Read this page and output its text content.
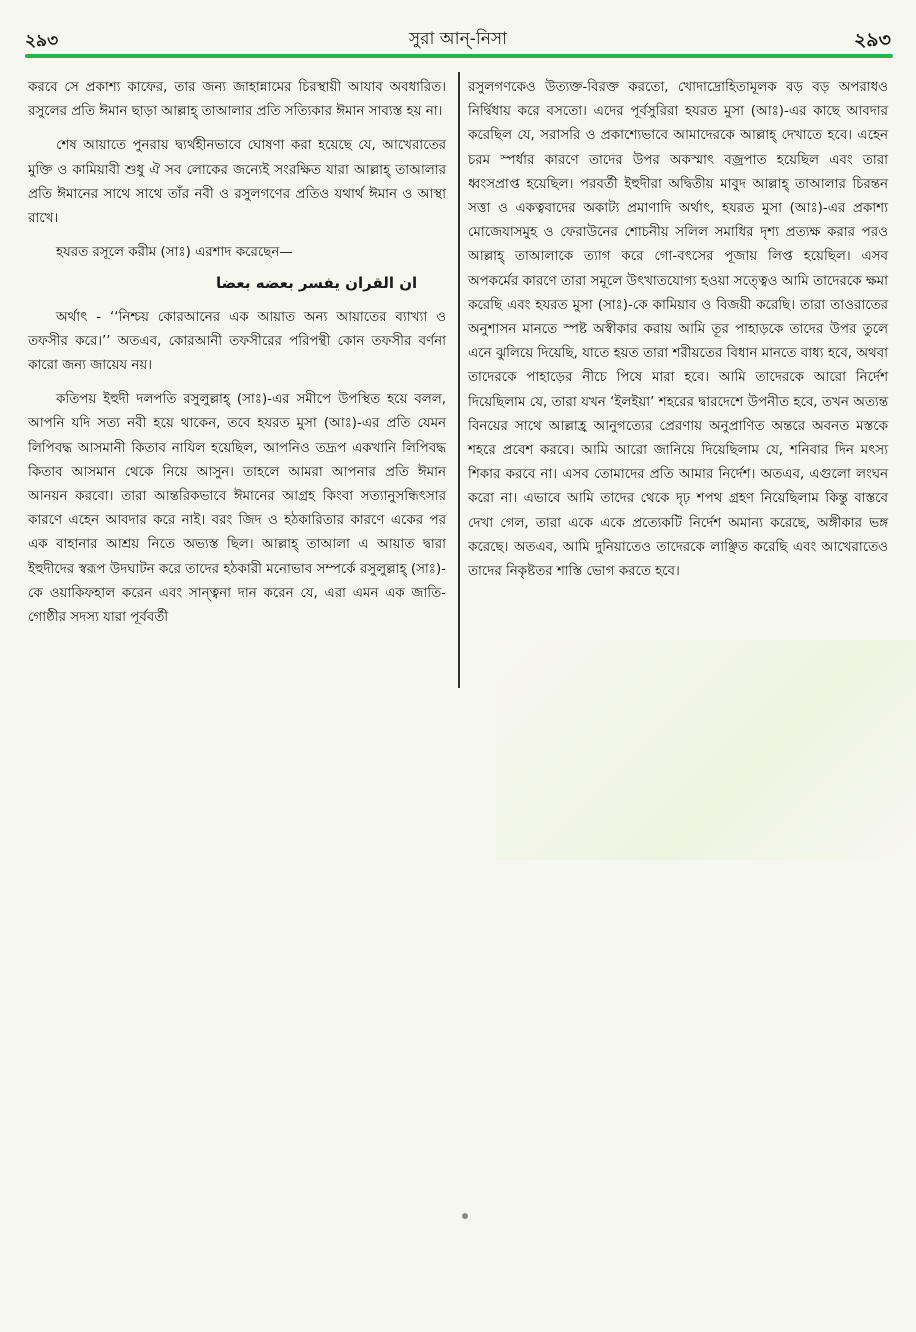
২৯৩	সুরা আন্-নিসা	২৯৩

করবে সে প্রকাশ্য কাফের, তার জন্য জাহান্নামের চিরস্থায়ী আযাব অবধারিত। রসুলের প্রতি ঈমান ছাড়া আল্লাহ্ তাআলার প্রতি সত্যিকার ঈমান সাব্যস্ত হয় না।

শেষ আয়াতে পুনরায় দ্ব্যর্থহীনভাবে ঘোষণা করা হয়েছে যে, আখেরাতের মুক্তি ও কামিয়াবী শুধু ঐ সব লোকের জন্যেই সংরক্ষিত যারা আল্লাহ্ তাআলার প্রতি ঈমানের সাথে সাথে তাঁর নবী ও রসুলগণের প্রতিও যথার্থ ঈমান ও আস্থা রাখে।

হযরত রসূলে করীম (সাঃ) এরশাদ করেছেন—

ان القران يفسر بعضه بعضا

অর্থাৎ - ‘‘নিশ্চয় কোরআনের এক আয়াত অন্য আয়াতের ব্যাখ্যা ও তফসীর করে।’’ অতএব, কোরআনী তফসীরের পরিপন্থী কোন তফসীর বর্ণনা কারো জন্য জায়েয নয়।

কতিপয় ইহুদী দলপতি রসুলুল্লাহ্ (সাঃ)-এর সমীপে উপস্থিত হয়ে বলল, আপনি যদি সত্য নবী হয়ে থাকেন, তবে হযরত মুসা (আঃ)-এর প্রতি যেমন লিপিবদ্ধ আসমানী কিতাব নাযিল হয়েছিল, আপনিও তদ্রূপ একখানি লিপিবদ্ধ কিতাব আসমান থেকে নিয়ে আসুন। তাহলে আমরা আপনার প্রতি ঈমান আনয়ন করবো। তারা আন্তরিকভাবে ঈমানের আগ্রহ কিংবা সত্যানুসন্ধিৎসার কারণে এহেন আবদার করে নাই। বরং জিদ ও হঠকারিতার কারণে একের পর এক বাহানার আশ্রয় নিতে অভ্যস্ত ছিল। আল্লাহ্ তাআলা এ আয়াত দ্বারা ইহুদীদের স্বরূপ উদঘাটন করে তাদের হঠকারী মনোভাব সম্পর্কে রসুলুল্লাহ্ (সাঃ)-কে ওয়াকিফহাল করেন এবং সান্ত্বনা দান করেন যে, এরা এমন এক জাতি-গোষ্ঠীর সদস্য যারা পূর্ববর্তী

রসুলগণকেও উত্যক্ত-বিরক্ত করতো, খোদাদ্রোহিতামূলক বড় বড় অপরাধও নির্দ্বিধায় করে বসতো। এদের পূর্বসুরিরা হযরত মুসা (আঃ)-এর কাছে আবদার করেছিল যে, সরাসরি ও প্রকাশ্যেভাবে আমাদেরকে আল্লাহ্ দেখাতে হবে। এহেন চরম স্পর্ধার কারণে তাদের উপর অকস্মাৎ বজ্রপাত হয়েছিল এবং তারা ধ্বংসপ্রাপ্ত হয়েছিল। পরবর্তী ইহুদীরা অদ্বিতীয় মাবুদ আল্লাহ্ তাআলার চিরন্তন সত্তা ও একত্ববাদের অকাট্য প্রমাণাদি অর্থাৎ, হযরত মুসা (আঃ)-এর প্রকাশ্য মোজেযাসমুহ ও ফেরাউনের শোচনীয় সলিল সমাধির দৃশ্য প্রত্যক্ষ করার পরও আল্লাহ্ তাআলাকে ত্যাগ করে গো-বৎসের পূজায় লিপ্ত হয়েছিল। এসব অপকর্মের কারণে তারা সমূলে উৎখাতযোগ্য হওয়া সত্ত্বেও আমি তাদেরকে ক্ষমা করেছি এবং হযরত মুসা (সাঃ)-কে কামিয়াব ও বিজয়ী করেছি। তারা তাওরাতের অনুশাসন মানতে স্পষ্ট অস্বীকার করায় আমি তূর পাহাড়কে তাদের উপর তুলে এনে ঝুলিয়ে দিয়েছি, যাতে হয়ত তারা শরীয়তের বিধান মানতে বাধ্য হবে, অথবা তাদেরকে পাহাড়ের নীচে পিষে মারা হবে। আমি তাদেরকে আরো নির্দেশ দিয়েছিলাম যে, তারা যখন ‘ইলইয়া’ শহরের দ্বারদেশে উপনীত হবে, তখন অত্যন্ত বিনয়ের সাথে আল্লাহ্র আনুগত্যের প্রেরণায় অনুপ্রাণিত অন্তরে অবনত মস্তকে শহরে প্রবেশ করবে। আমি আরো জানিয়ে দিয়েছিলাম যে, শনিবার দিন মৎস্য শিকার করবে না। এসব তোমাদের প্রতি আমার নির্দেশ। অতএব, এগুলো লংঘন করো না। এভাবে আমি তাদের থেকে দৃঢ় শপথ গ্রহণ নিয়েছিলাম কিন্তু বাস্তবে দেখা গেল, তারা একে একে প্রত্যেকটি নির্দেশ অমান্য করেছে, অঙ্গীকার ভঙ্গ করেছে। অতএব, আমি দুনিয়াতেও তাদেরকে লাঞ্ছিত করেছি এবং আখেরাতেও তাদের নিকৃষ্টতর শাস্তি ভোগ করতে হবে।
